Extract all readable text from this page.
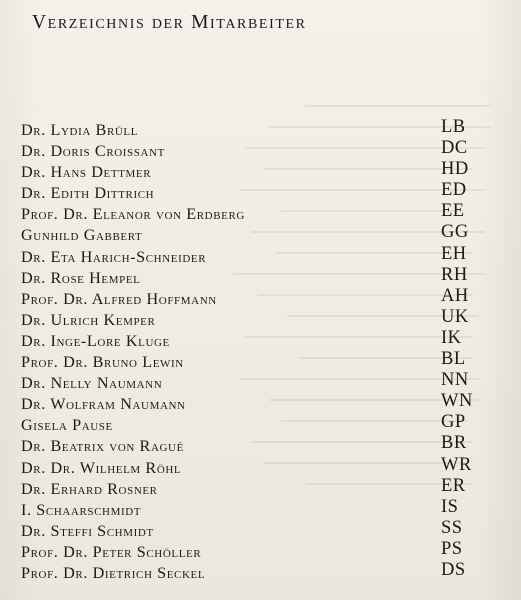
Verzeichnis der Mitarbeiter
Dr. Lydia Brüll	LB
Dr. Doris Croissant	DC
Dr. Hans Dettmer	HD
Dr. Edith Dittrich	ED
Prof. Dr. Eleanor von Erdberg	EE
Gunhild Gabbert	GG
Dr. Eta Harich-Schneider	EH
Dr. Rose Hempel	RH
Prof. Dr. Alfred Hoffmann	AH
Dr. Ulrich Kemper	UK
Dr. Inge-Lore Kluge	IK
Prof. Dr. Bruno Lewin	BL
Dr. Nelly Naumann	NN
Dr. Wolfram Naumann	WN
Gisela Pause	GP
Dr. Beatrix von Ragué	BR
Dr. Dr. Wilhelm Röhl	WR
Dr. Erhard Rosner	ER
I. Schaarschmidt	IS
Dr. Steffi Schmidt	SS
Prof. Dr. Peter Schöller	PS
Prof. Dr. Dietrich Seckel	DS
